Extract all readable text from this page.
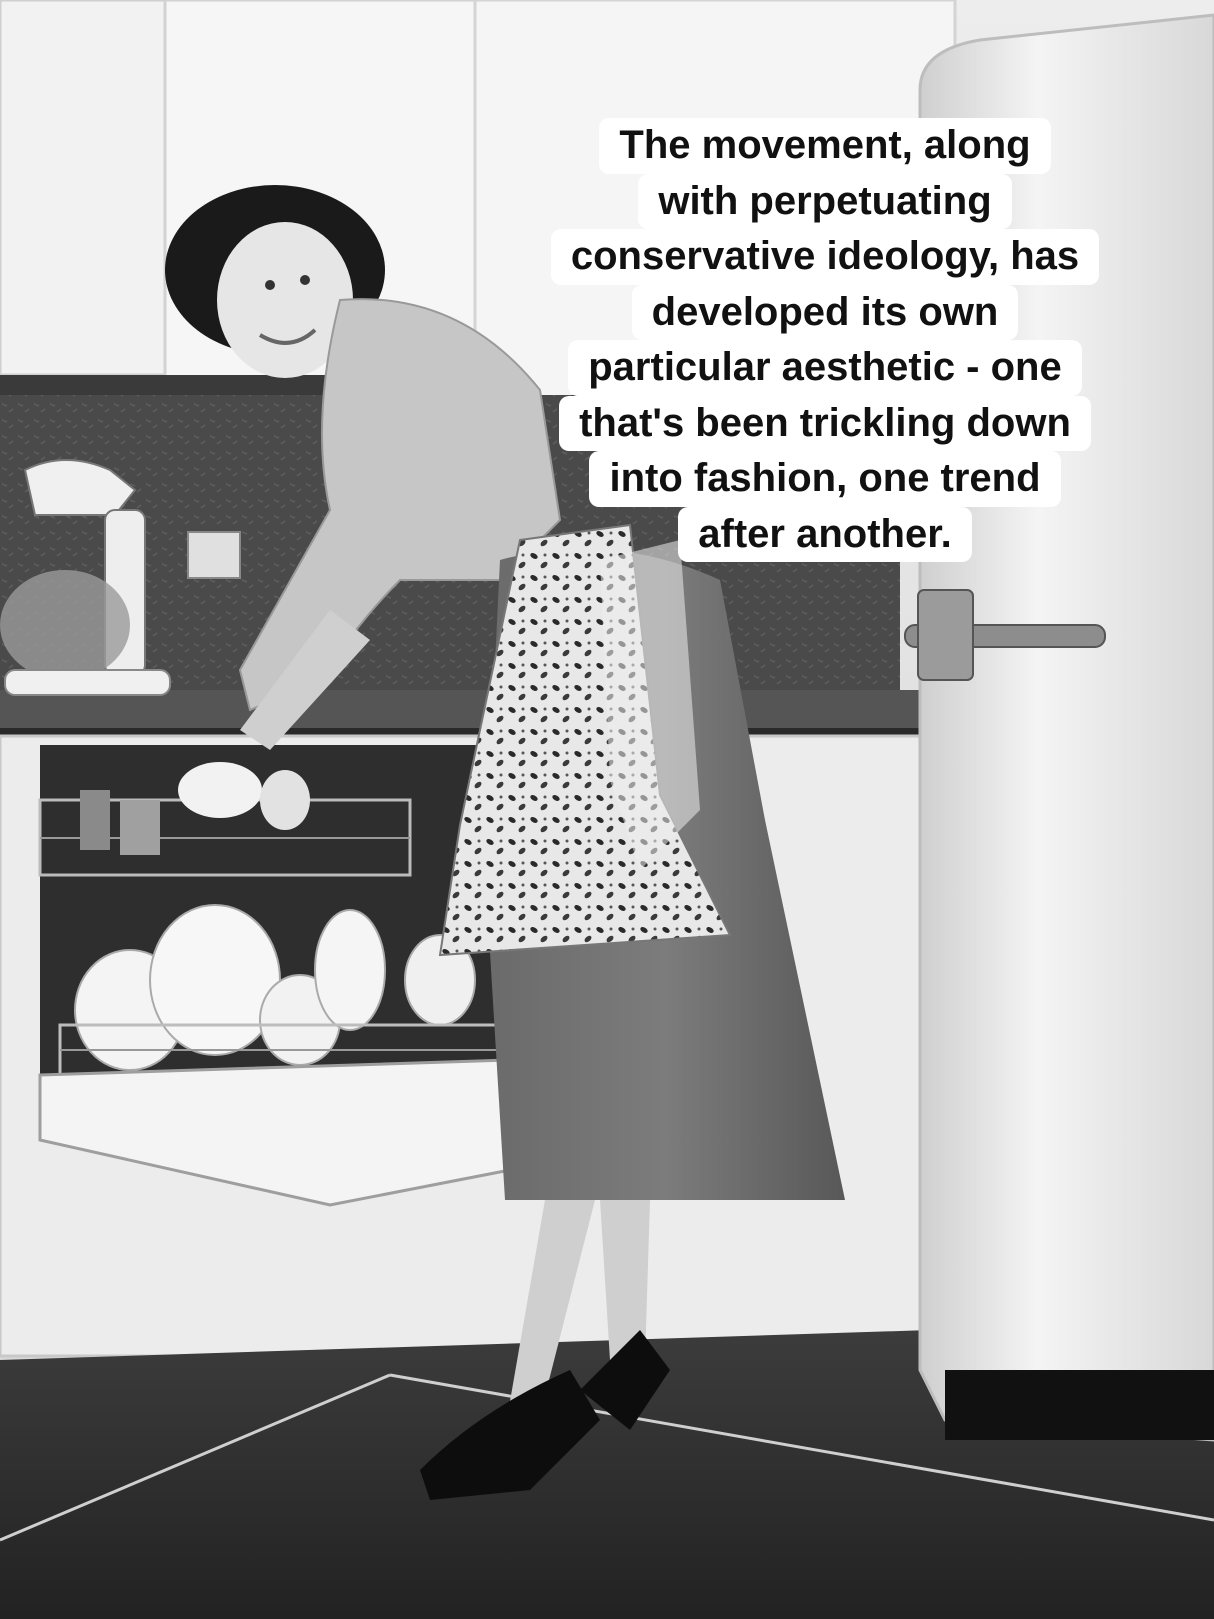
The movement, along
with perpetuating
conservative ideology, has
developed its own
particular aesthetic - one
that's been trickling down
into fashion, one trend
after another.
